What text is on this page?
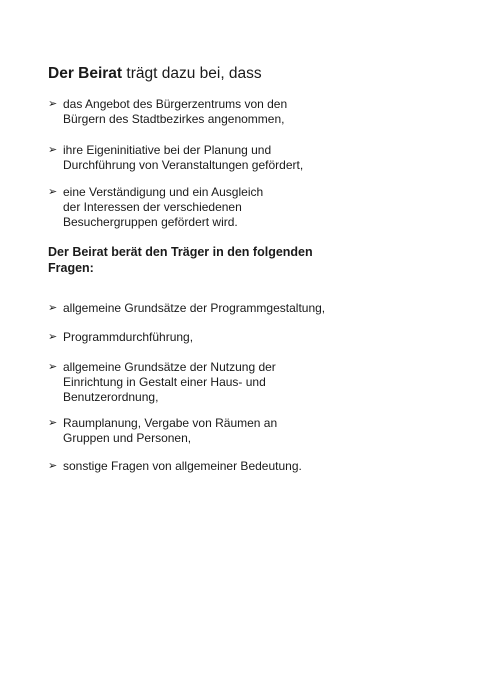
Der Beirat trägt dazu bei, dass
➢ das Angebot des Bürgerzentrums von den
Bürgern des Stadtbezirkes angenommen,
➢ ihre Eigeninitiative bei der Planung und
Durchführung von Veranstaltungen gefördert,
➢ eine Verständigung und ein Ausgleich
der Interessen der verschiedenen
Besuchergruppen gefördert wird.
Der Beirat berät den Träger in den folgenden
Fragen:
➢ allgemeine Grundsätze der Programmgestaltung,
➢ Programmdurchführung,
➢ allgemeine Grundsätze der Nutzung der
Einrichtung in Gestalt einer Haus- und
Benutzerordnung,
➢ Raumplanung, Vergabe von Räumen an
Gruppen und Personen,
➢ sonstige Fragen von allgemeiner Bedeutung.
